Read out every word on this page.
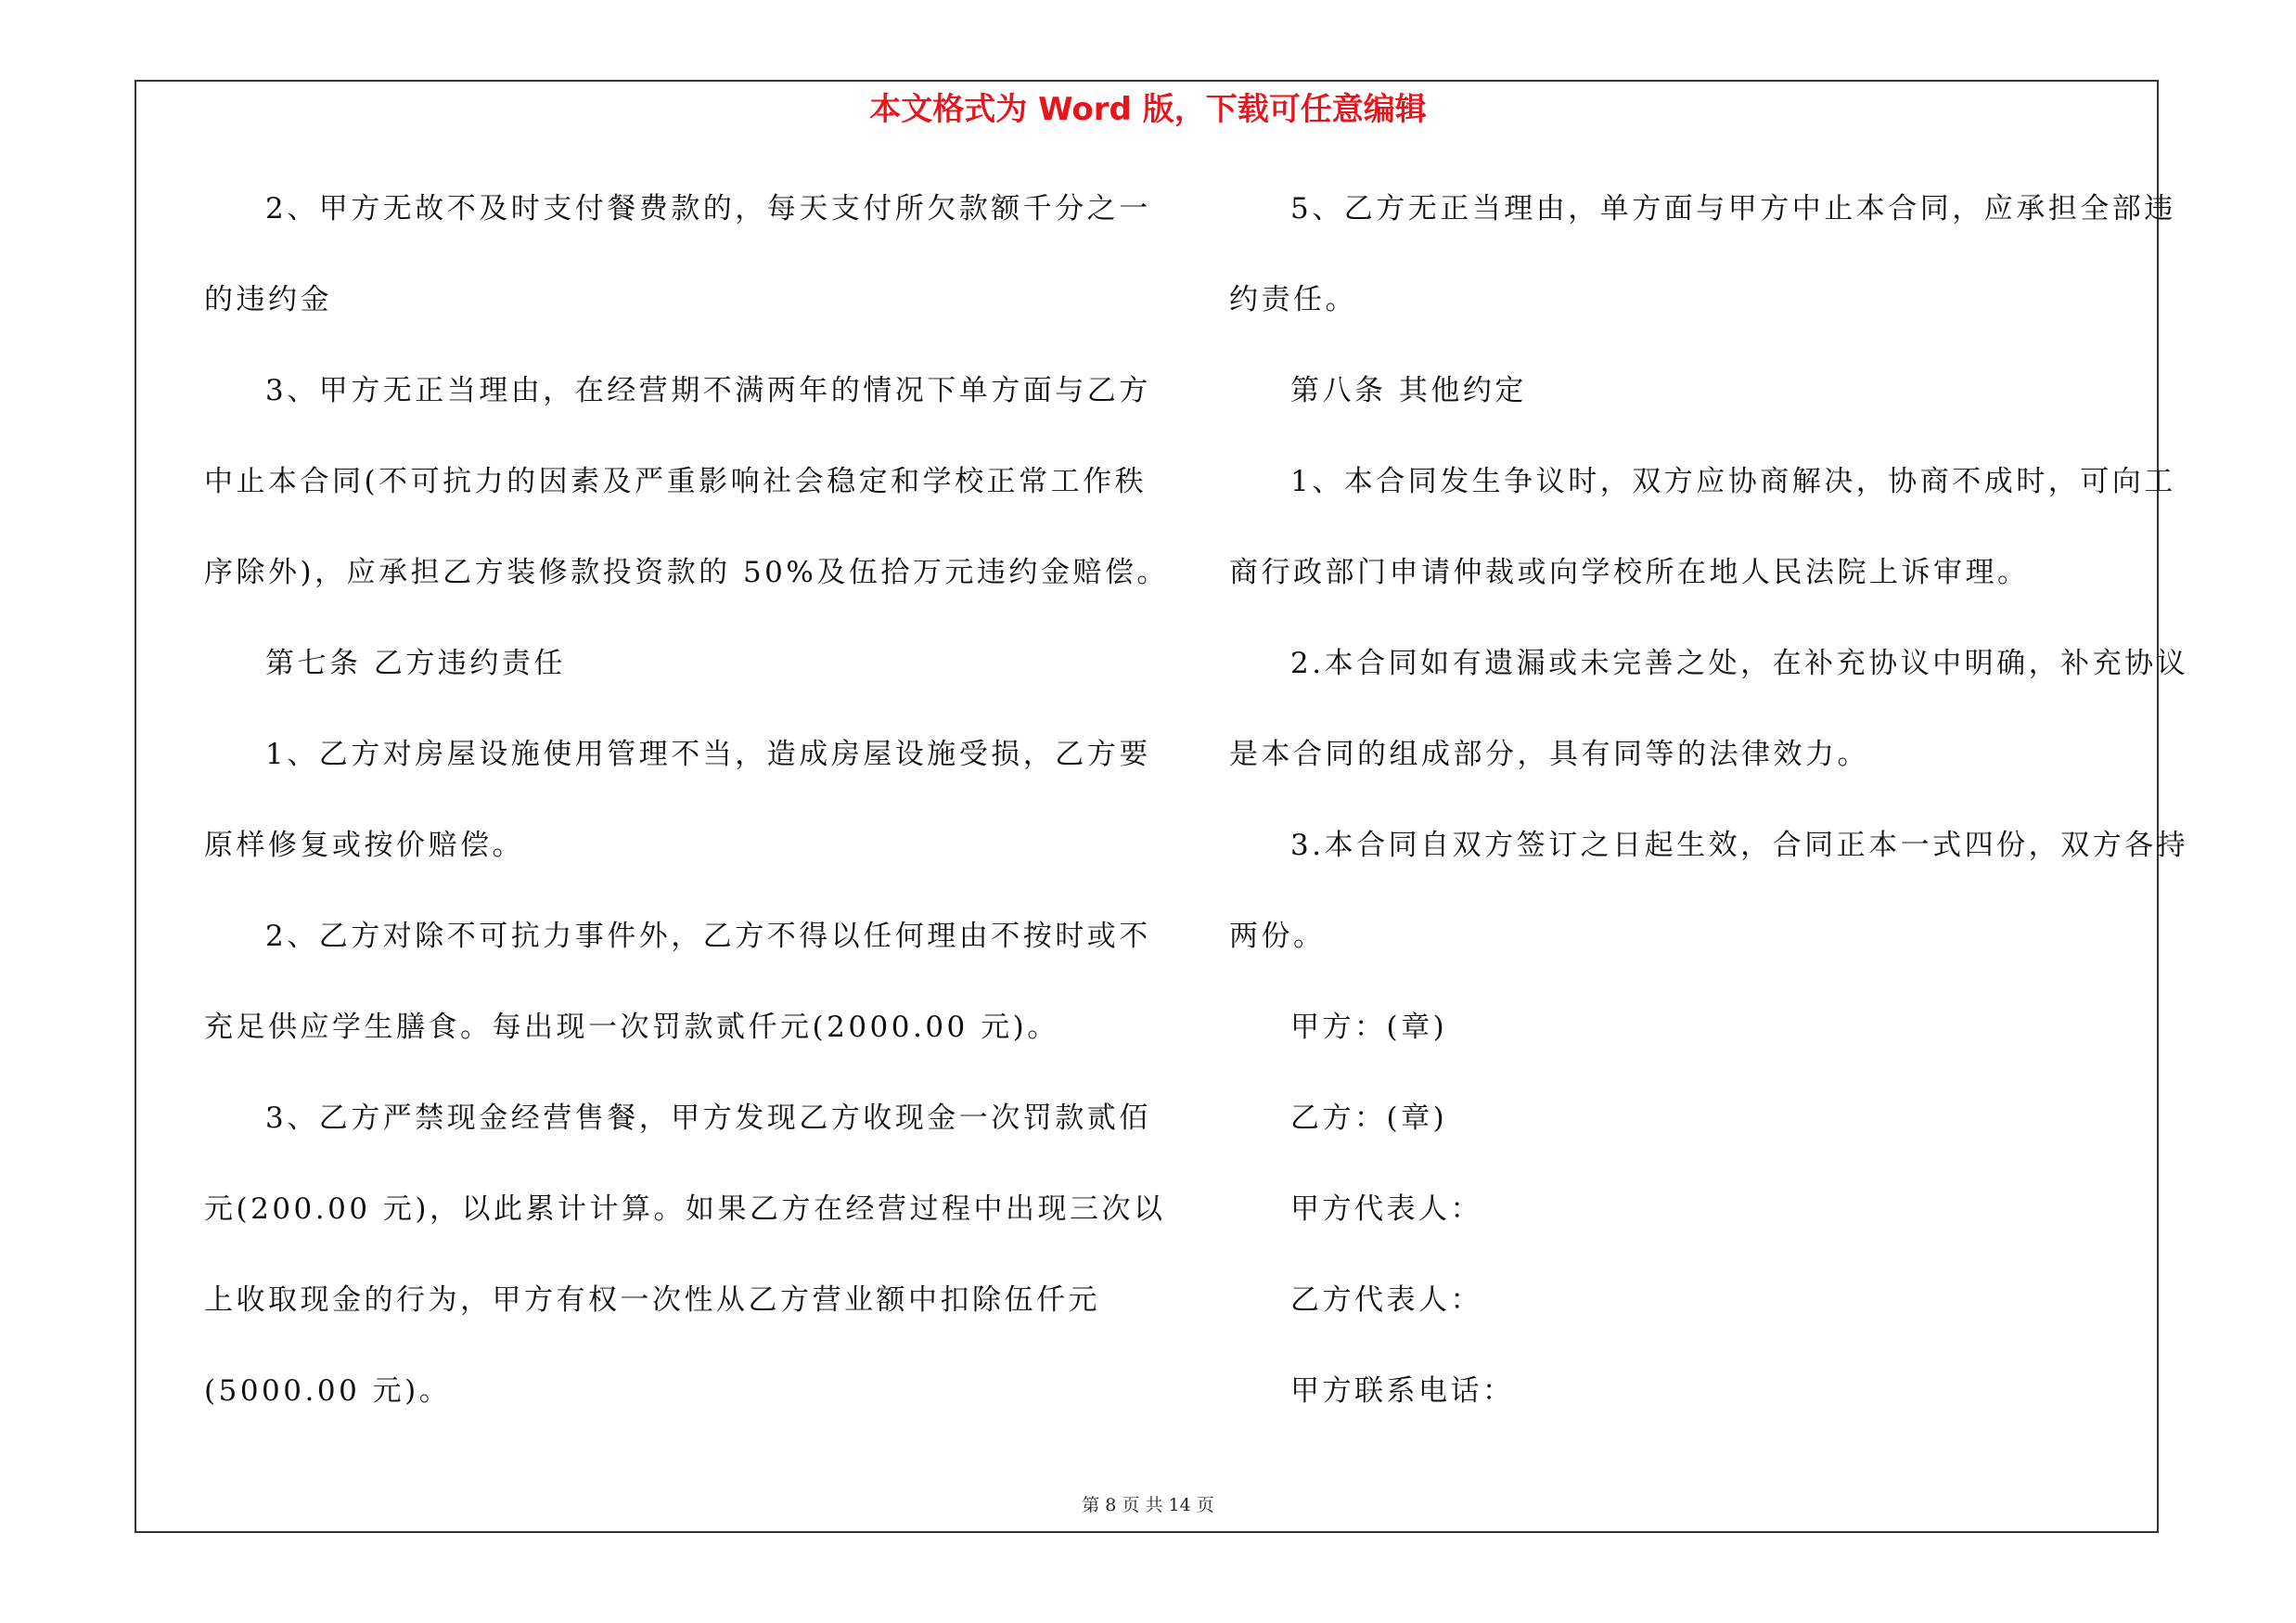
本文格式为 Word 版，下载可任意编辑
2、甲方无故不及时支付餐费款的，每天支付所欠款额千分之一
的违约金
3、甲方无正当理由，在经营期不满两年的情况下单方面与乙方
中止本合同(不可抗力的因素及严重影响社会稳定和学校正常工作秩
序除外)，应承担乙方装修款投资款的 50%及伍拾万元违约金赔偿。
第七条 乙方违约责任
1、乙方对房屋设施使用管理不当，造成房屋设施受损，乙方要
原样修复或按价赔偿。
2、乙方对除不可抗力事件外，乙方不得以任何理由不按时或不
充足供应学生膳食。每出现一次罚款贰仟元(2000.00 元)。
3、乙方严禁现金经营售餐，甲方发现乙方收现金一次罚款贰佰
元(200.00 元)，以此累计计算。如果乙方在经营过程中出现三次以
上收取现金的行为，甲方有权一次性从乙方营业额中扣除伍仟元
(5000.00 元)。
5、乙方无正当理由，单方面与甲方中止本合同，应承担全部违
约责任。
第八条 其他约定
1、本合同发生争议时，双方应协商解决，协商不成时，可向工
商行政部门申请仲裁或向学校所在地人民法院上诉审理。
2.本合同如有遗漏或未完善之处，在补充协议中明确，补充协议
是本合同的组成部分，具有同等的法律效力。
3.本合同自双方签订之日起生效，合同正本一式四份，双方各持
两份。
甲方：(章)
乙方：(章)
甲方代表人：
乙方代表人：
甲方联系电话：
第 8 页 共 14 页
